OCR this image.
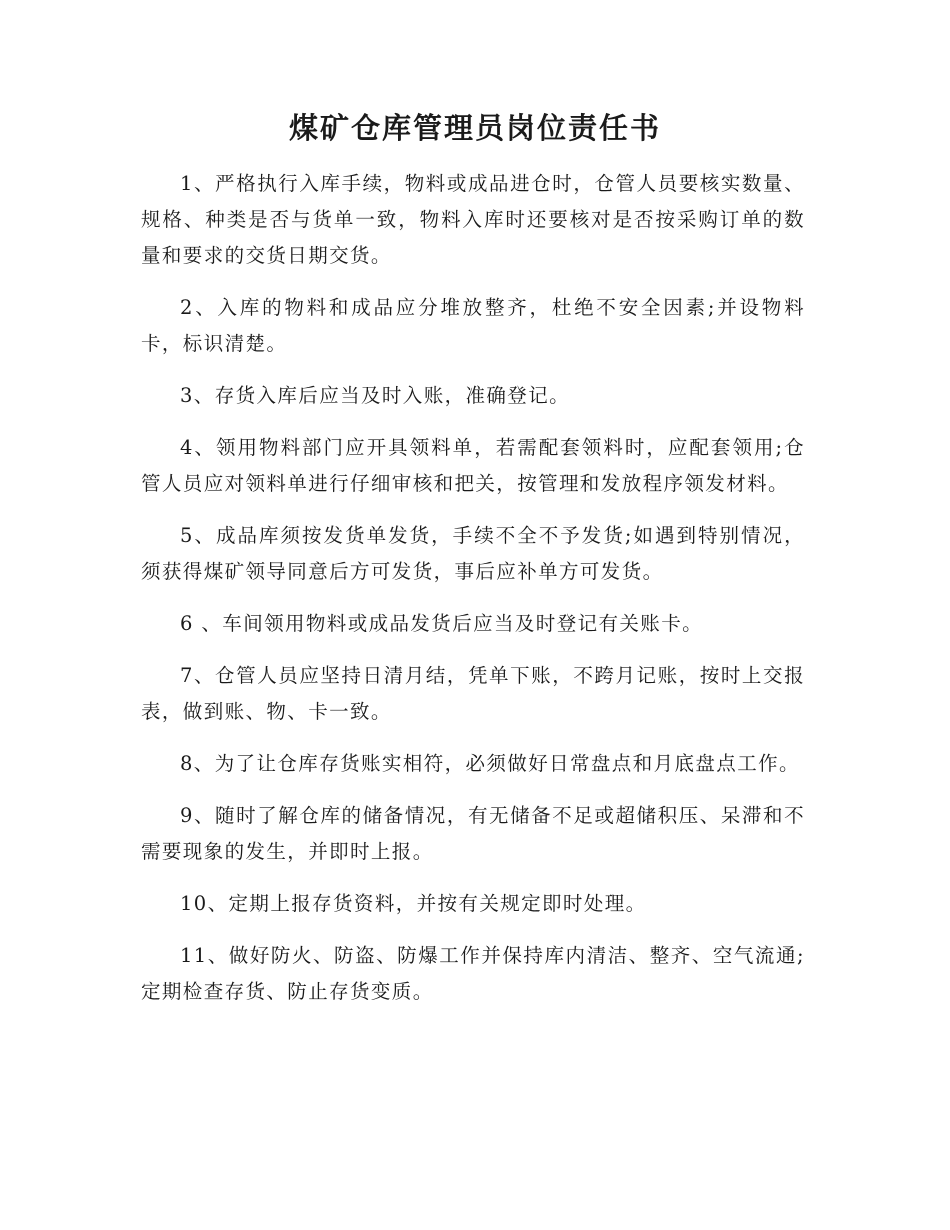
煤矿仓库管理员岗位责任书

1、严格执行入库手续，物料或成品进仓时，仓管人员要核实数量、规格、种类是否与货单一致，物料入库时还要核对是否按采购订单的数量和要求的交货日期交货。

2、入库的物料和成品应分堆放整齐，杜绝不安全因素;并设物料卡，标识清楚。

3、存货入库后应当及时入账，准确登记。

4、领用物料部门应开具领料单，若需配套领料时，应配套领用;仓管人员应对领料单进行仔细审核和把关，按管理和发放程序领发材料。

5、成品库须按发货单发货，手续不全不予发货;如遇到特别情况，须获得煤矿领导同意后方可发货，事后应补单方可发货。

6 、车间领用物料或成品发货后应当及时登记有关账卡。

7、仓管人员应坚持日清月结，凭单下账，不跨月记账，按时上交报表，做到账、物、卡一致。

8、为了让仓库存货账实相符，必须做好日常盘点和月底盘点工作。

9、随时了解仓库的储备情况，有无储备不足或超储积压、呆滞和不需要现象的发生，并即时上报。

10、定期上报存货资料，并按有关规定即时处理。

11、做好防火、防盗、防爆工作并保持库内清洁、整齐、空气流通;定期检查存货、防止存货变质。
